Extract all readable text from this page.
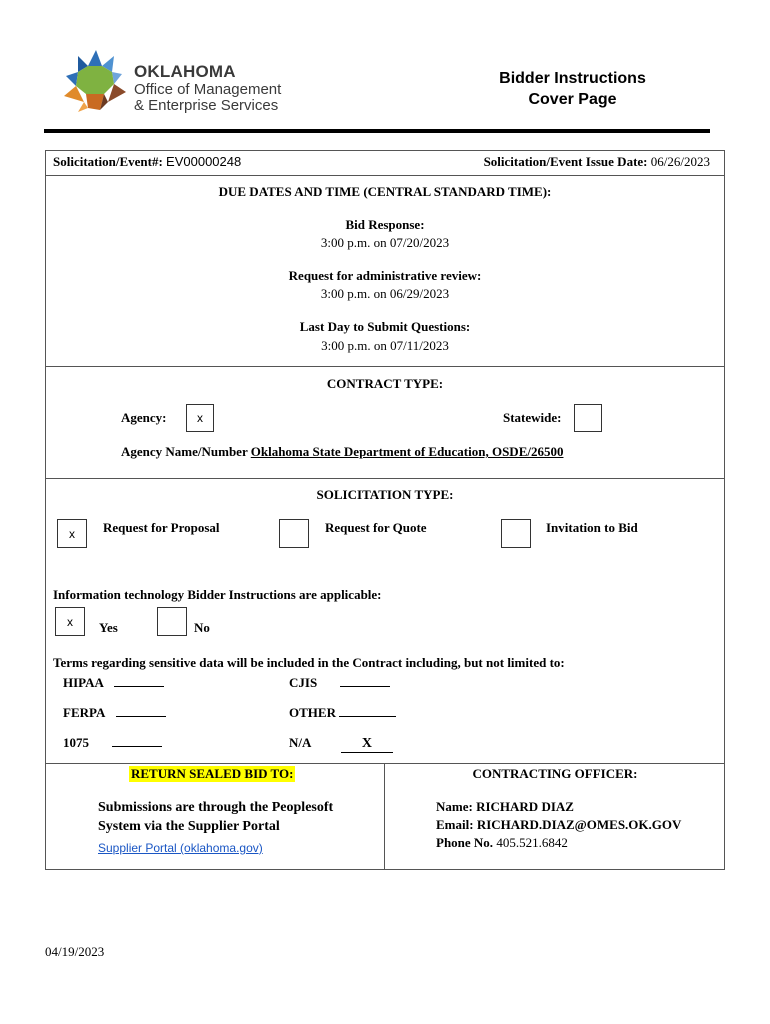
OKLAHOMA
Office of Management
& Enterprise Services
Bidder Instructions
Cover Page
Solicitation/Event#: EV00000248	Solicitation/Event Issue Date: 06/26/2023
DUE DATES AND TIME (CENTRAL STANDARD TIME):
Bid Response:
3:00 p.m. on 07/20/2023
Request for administrative review:
3:00 p.m. on 06/29/2023
Last Day to Submit Questions:
3:00 p.m. on 07/11/2023
CONTRACT TYPE:
Agency:	x	Statewide:
Agency Name/Number Oklahoma State Department of Education, OSDE/26500
SOLICITATION TYPE:
x	Request for Proposal	Request for Quote	Invitation to Bid
Information technology Bidder Instructions are applicable:
x	Yes	No
Terms regarding sensitive data will be included in the Contract including, but not limited to:
HIPAA	CJIS
FERPA	OTHER
1075	N/A	X
RETURN SEALED BID TO:
Submissions are through the Peoplesoft
System via the Supplier Portal
Supplier Portal (oklahoma.gov)
CONTRACTING OFFICER:
Name: RICHARD DIAZ
Email: RICHARD.DIAZ@OMES.OK.GOV
Phone No. 405.521.6842
04/19/2023
